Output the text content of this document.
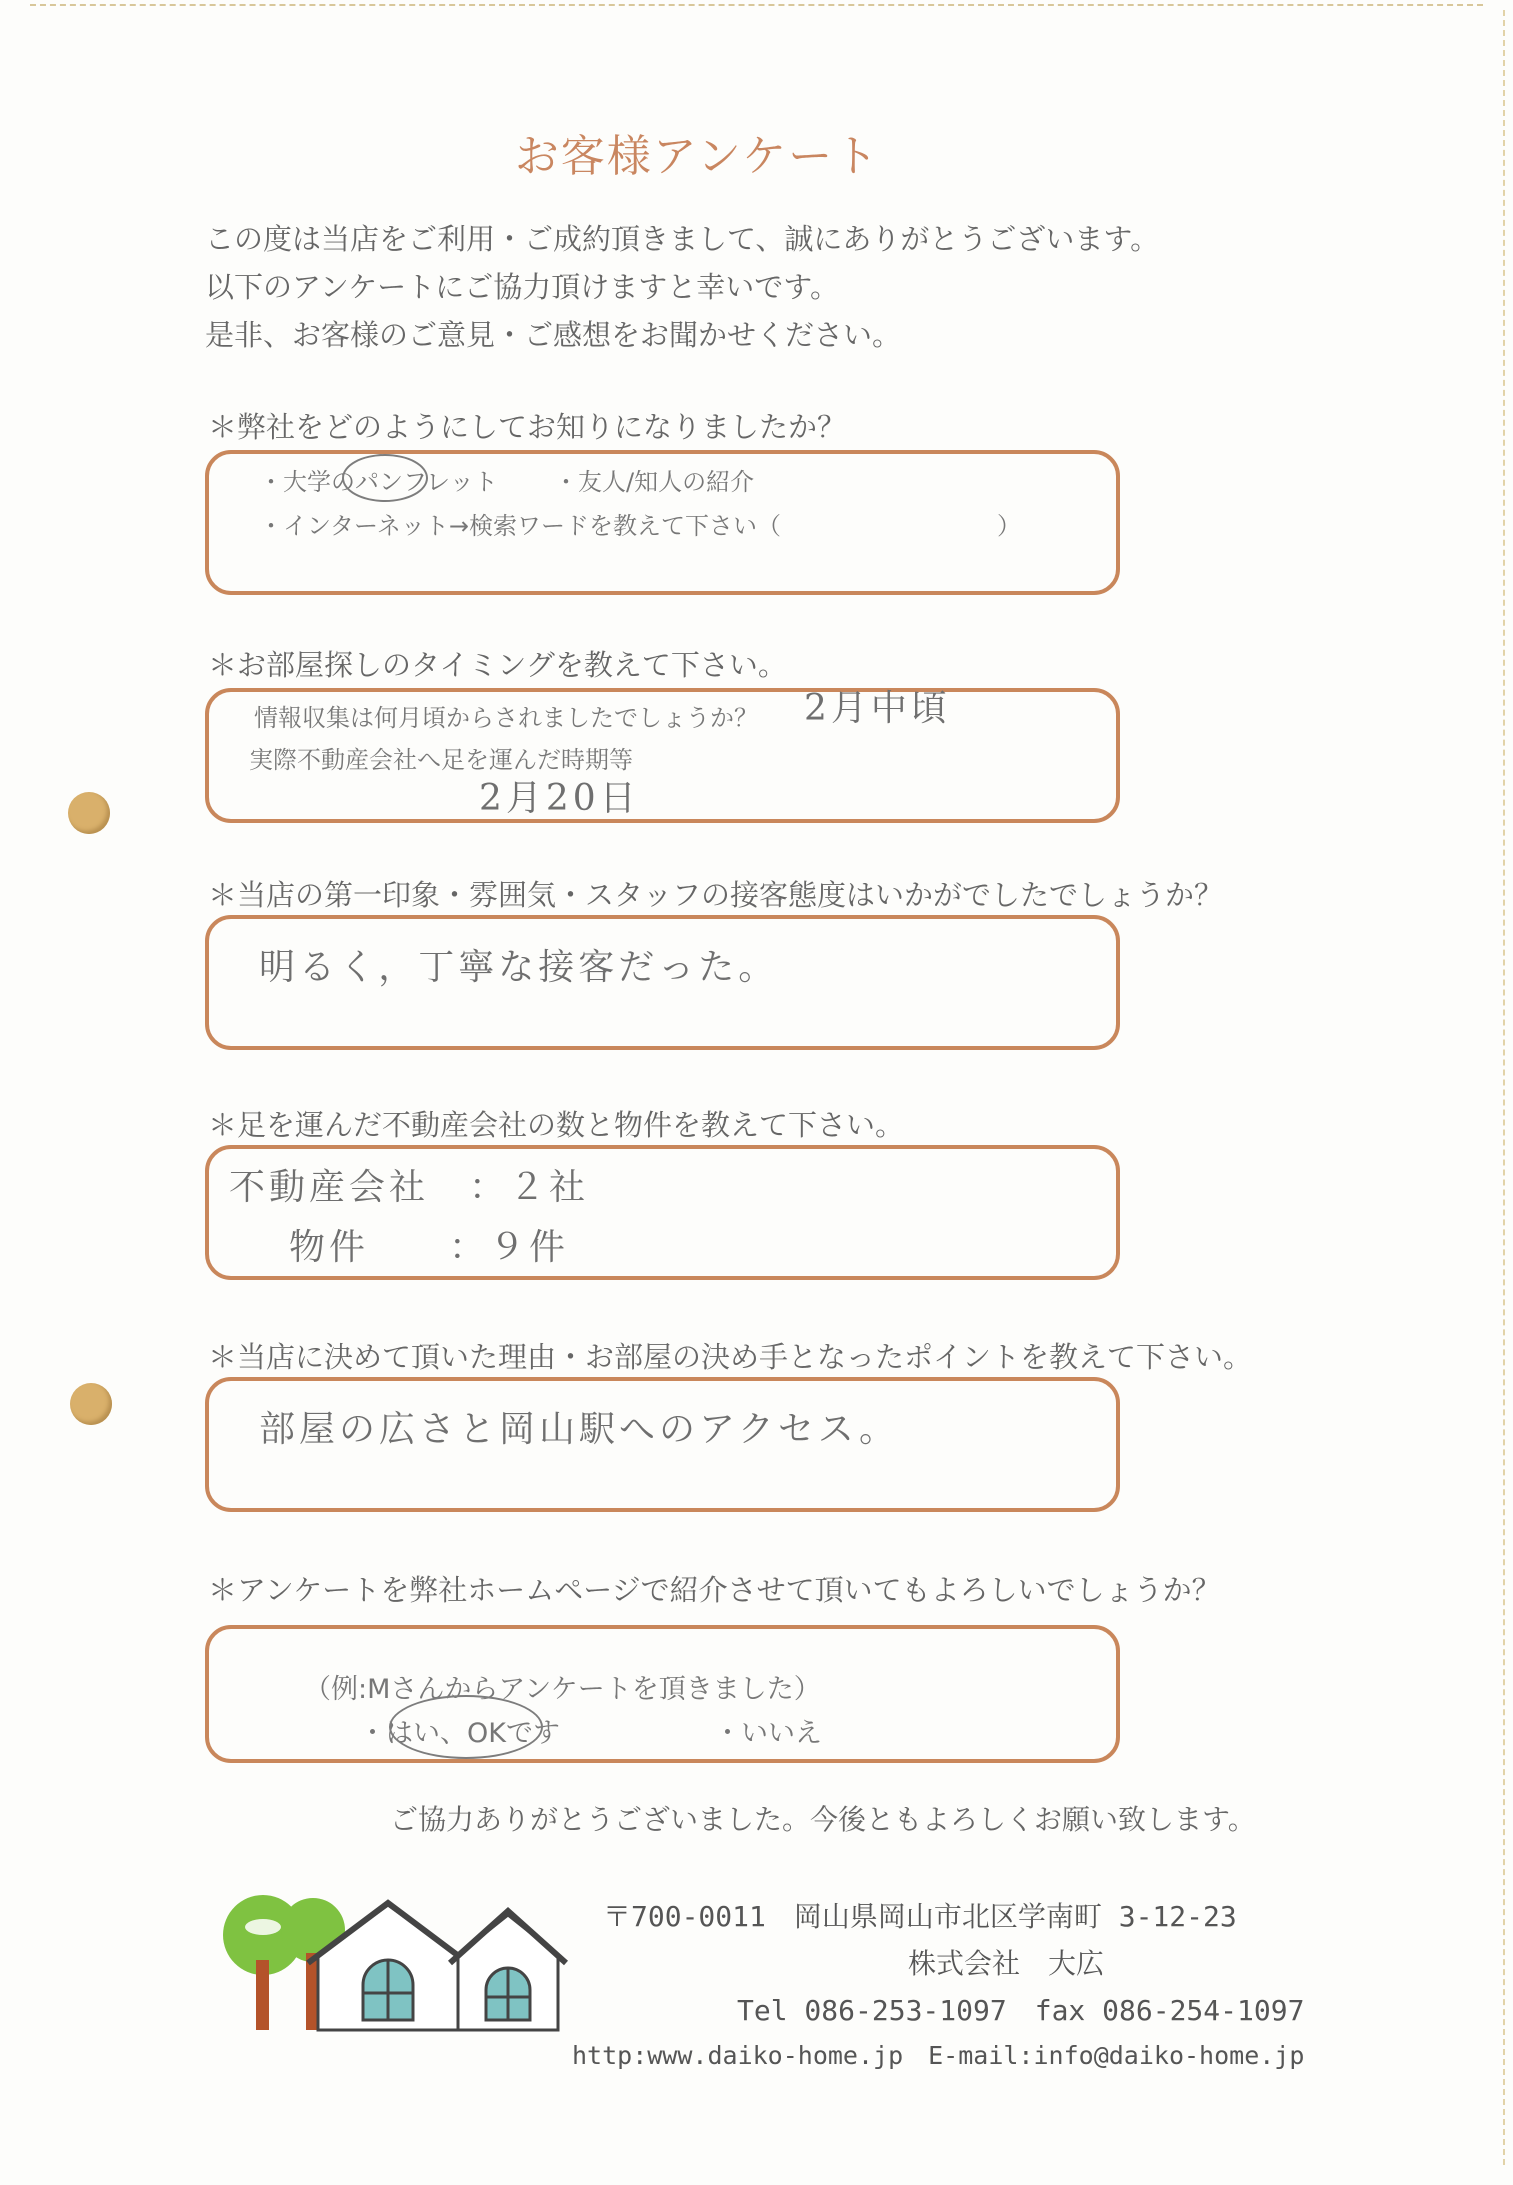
お客様アンケート
この度は当店をご利用・ご成約頂きまして、誠にありがとうございます。
以下のアンケートにご協力頂けますと幸いです。
是非、お客様のご意見・ご感想をお聞かせください。
＊弊社をどのようにしてお知りになりましたか？
・大学のパンフレット ・友人/知人の紹介
・インターネット→検索ワードを教えて下さい（　　　　　　　　　）
＊お部屋探しのタイミングを教えて下さい。
情報収集は何月頃からされましたでしょうか？ 2月中頃
実際不動産会社へ足を運んだ時期等
2月20日
＊当店の第一印象・雰囲気・スタッフの接客態度はいかがでしたでしょうか？
明るく，丁寧な接客だった。
＊足を運んだ不動産会社の数と物件を教えて下さい。
不動産会社　：２社
物件　　：９件
＊当店に決めて頂いた理由・お部屋の決め手となったポイントを教えて下さい。
部屋の広さと岡山駅へのアクセス。
＊アンケートを弊社ホームページで紹介させて頂いてもよろしいでしょうか？
（例:Mさんからアンケートを頂きました）
・はい、OKです	・いいえ
ご協力ありがとうございました。今後ともよろしくお願い致します。
〒700-0011　岡山県岡山市北区学南町 3-12-23
株式会社　大広
Tel 086-253-1097　fax 086-254-1097
http:www.daiko-home.jp　E-mail:info@daiko-home.jp
